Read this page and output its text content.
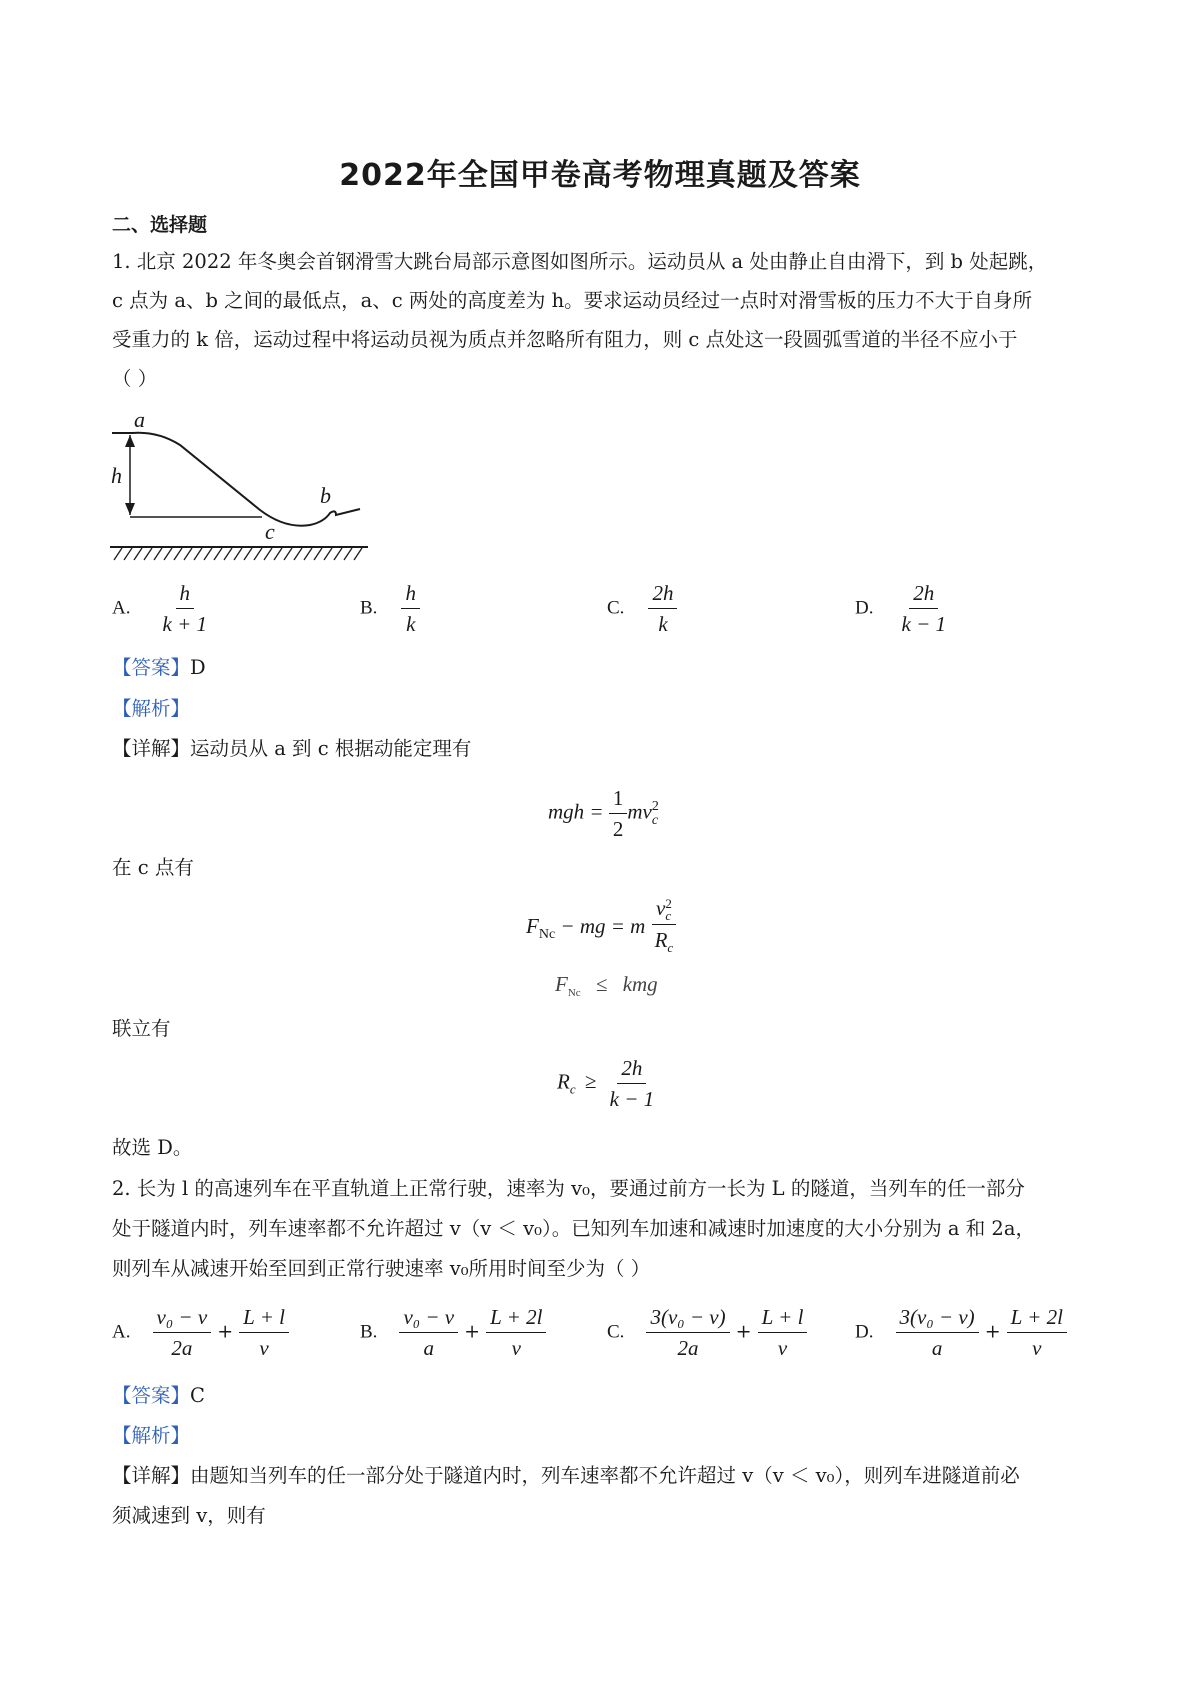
2022年全国甲卷高考物理真题及答案
二、选择题
1. 北京 2022 年冬奥会首钢滑雪大跳台局部示意图如图所示。运动员从 a 处由静止自由滑下，到 b 处起跳，
c 点为 a、b 之间的最低点，a、c 两处的高度差为 h。要求运动员经过一点时对滑雪板的压力不大于自身所
受重力的 k 倍，运动过程中将运动员视为质点并忽略所有阻力，则 c 点处这一段圆弧雪道的半径不应小于
（ ）
a
h
c
b
A. $\frac{h}{k + 1}$	B. $\frac{h}{k}$	C. $\frac{2h}{k}$	D. $\frac{2h}{k - 1}$
【答案】D
【解析】
【详解】运动员从 a 到 c 根据动能定理有
mgh = $\frac{1}{2}$ mv 2
c
在 c 点有
$F_{Nc}$ − mg = m v 2
c
$R_c$
$F_{Nc}$ ≤ kmg
联立有
$R_c \ge \frac{2h}{k - 1}$
故选 D。
2. 长为 l 的高速列车在平直轨道上正常行驶，速率为 v₀，要通过前方一长为 L 的隧道，当列车的任一部分
处于隧道内时，列车速率都不允许超过 v（v ＜ v₀）。已知列车加速和减速时加速度的大小分别为 a 和 2a，
则列车从减速开始至回到正常行驶速率 v₀所用时间至少为（ ）
A. $\frac{\text{v₀ − v}}{2a} + \frac{L + l}{v}$	B. $\frac{\text{v₀ − v}}{a} + \frac{L + 2l}{v}$	C. $\frac{\text{3(v₀ − v)}}{2a} + \frac{L + l}{v}$	D. $\frac{\text{3(v₀ − v)}}{a} + \frac{L + 2l}{v}$
【答案】C
【解析】
【详解】由题知当列车的任一部分处于隧道内时，列车速率都不允许超过 v（v ＜ v₀），则列车进隧道前必
须减速到 v，则有
